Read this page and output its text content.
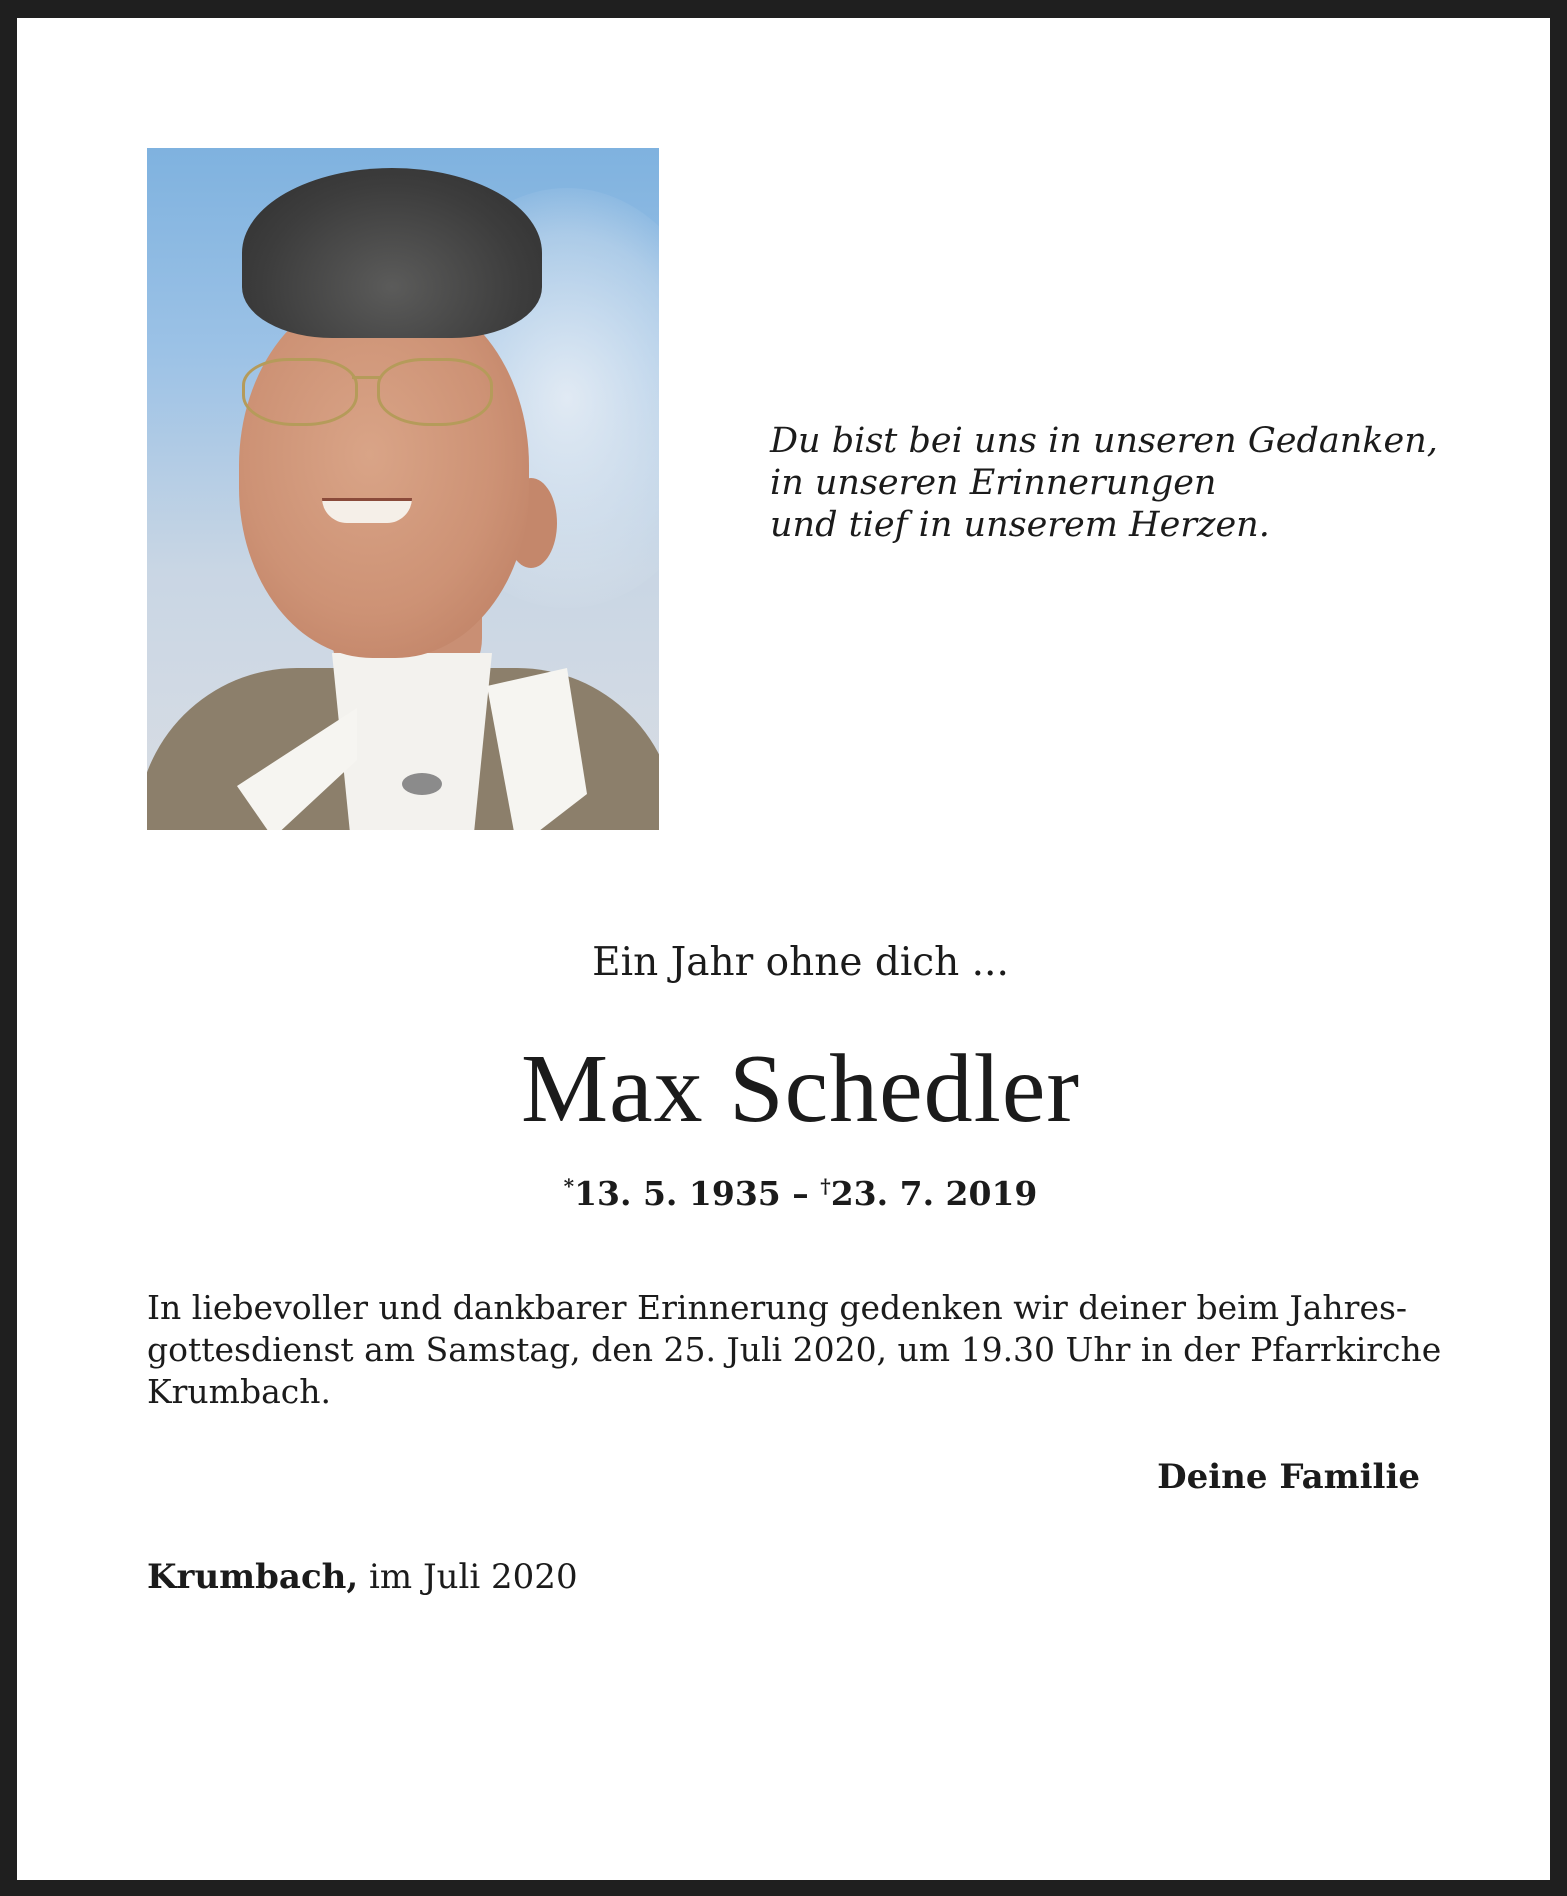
Du bist bei uns in unseren Gedanken,
in unseren Erinnerungen
und tief in unserem Herzen.
Ein Jahr ohne dich ...
Max Schedler
*13. 5. 1935 – †23. 7. 2019

In liebevoller und dankbarer Erinnerung gedenken wir deiner beim Jahres-
gottesdienst am Samstag, den 25. Juli 2020, um 19.30 Uhr in der Pfarrkirche
Krumbach.

Deine Familie
Krumbach, im Juli 2020
